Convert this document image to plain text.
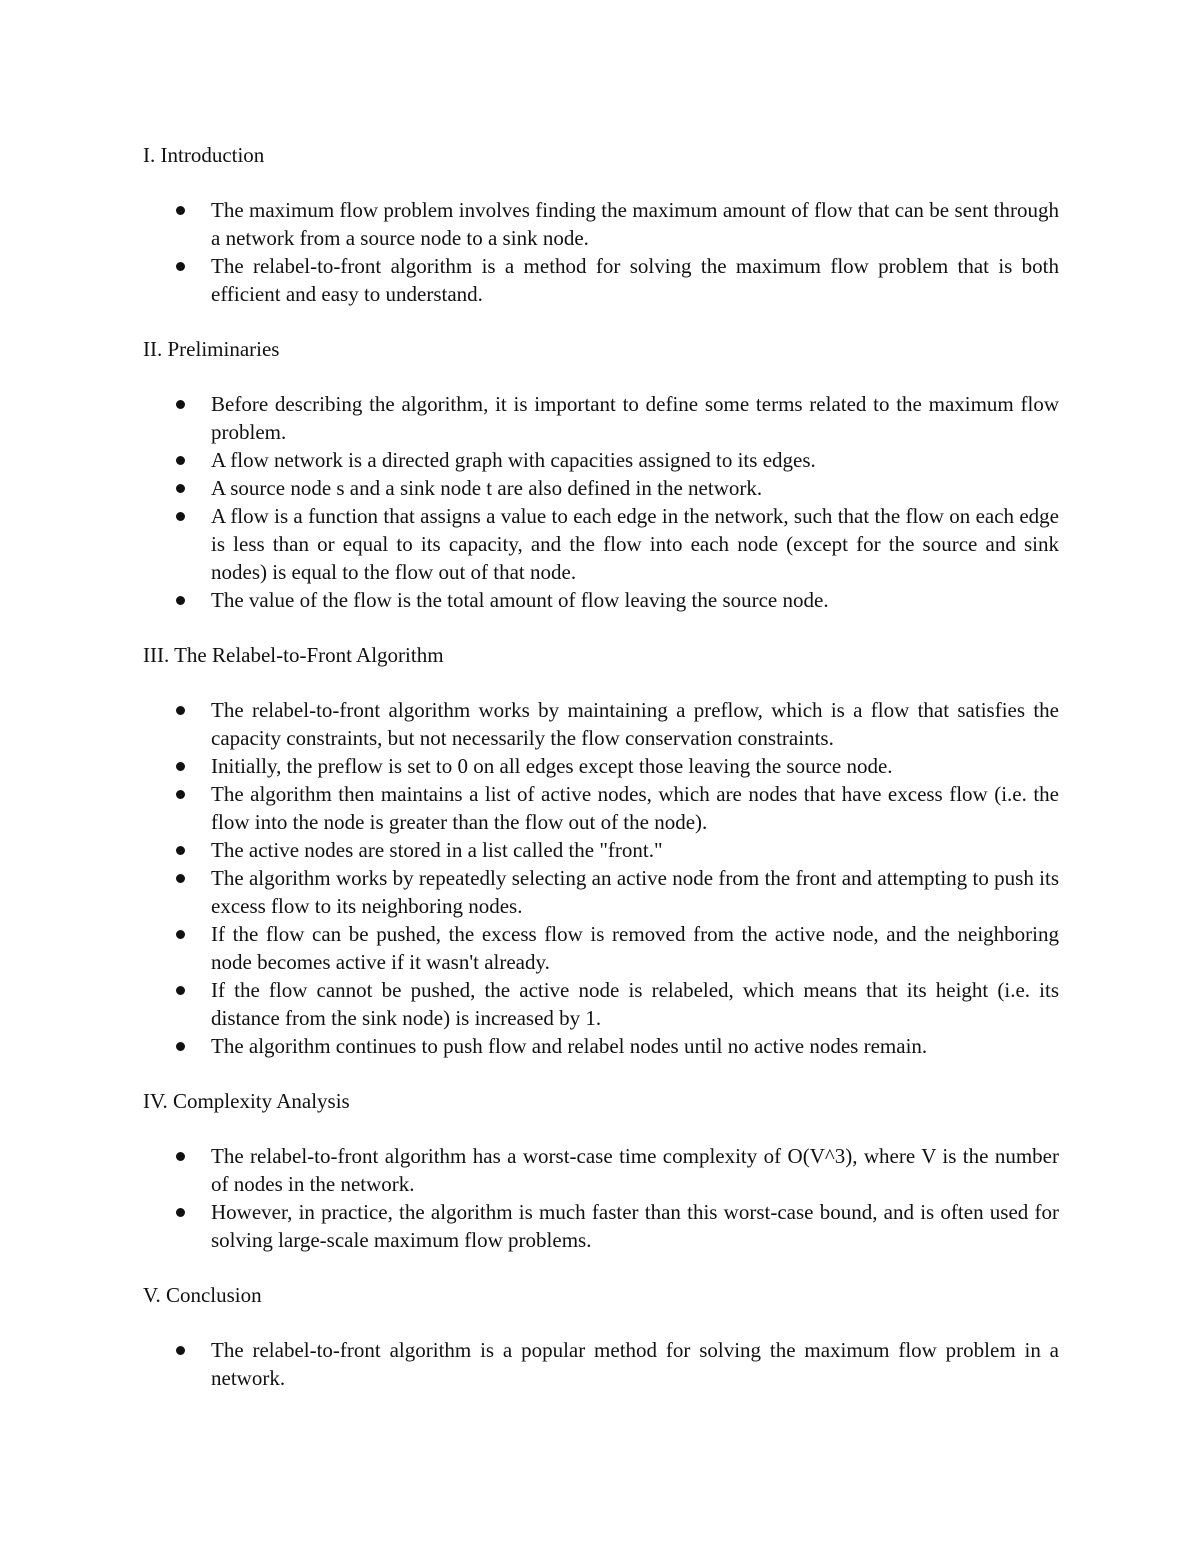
I. Introduction
The maximum flow problem involves finding the maximum amount of flow that can be sent through a network from a source node to a sink node.
The relabel-to-front algorithm is a method for solving the maximum flow problem that is both efficient and easy to understand.
II. Preliminaries
Before describing the algorithm, it is important to define some terms related to the maximum flow problem.
A flow network is a directed graph with capacities assigned to its edges.
A source node s and a sink node t are also defined in the network.
A flow is a function that assigns a value to each edge in the network, such that the flow on each edge is less than or equal to its capacity, and the flow into each node (except for the source and sink nodes) is equal to the flow out of that node.
The value of the flow is the total amount of flow leaving the source node.
III. The Relabel-to-Front Algorithm
The relabel-to-front algorithm works by maintaining a preflow, which is a flow that satisfies the capacity constraints, but not necessarily the flow conservation constraints.
Initially, the preflow is set to 0 on all edges except those leaving the source node.
The algorithm then maintains a list of active nodes, which are nodes that have excess flow (i.e. the flow into the node is greater than the flow out of the node).
The active nodes are stored in a list called the "front."
The algorithm works by repeatedly selecting an active node from the front and attempting to push its excess flow to its neighboring nodes.
If the flow can be pushed, the excess flow is removed from the active node, and the neighboring node becomes active if it wasn't already.
If the flow cannot be pushed, the active node is relabeled, which means that its height (i.e. its distance from the sink node) is increased by 1.
The algorithm continues to push flow and relabel nodes until no active nodes remain.
IV. Complexity Analysis
The relabel-to-front algorithm has a worst-case time complexity of O(V^3), where V is the number of nodes in the network.
However, in practice, the algorithm is much faster than this worst-case bound, and is often used for solving large-scale maximum flow problems.
V. Conclusion
The relabel-to-front algorithm is a popular method for solving the maximum flow problem in a network.
